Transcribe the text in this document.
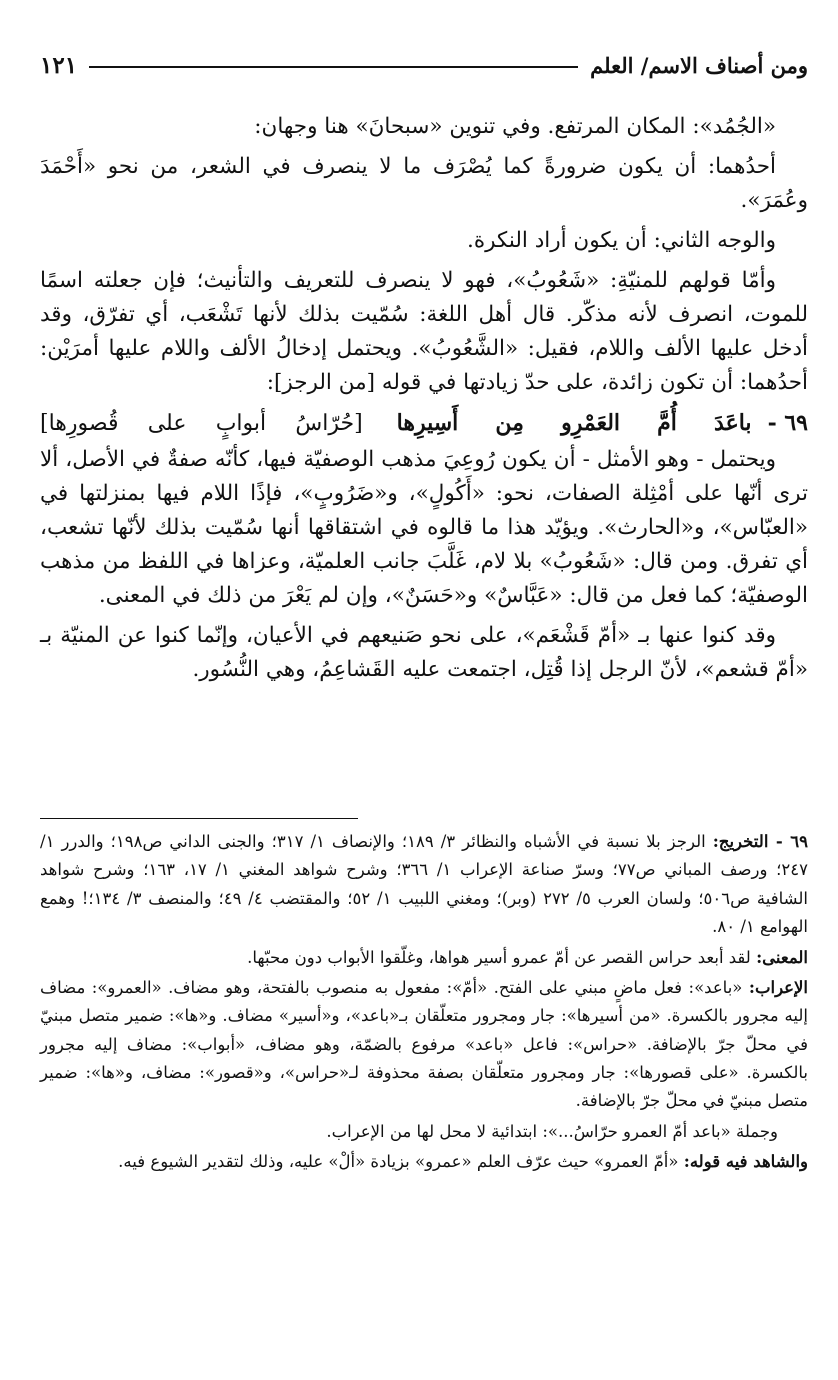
ومن أصناف الاسم/ العلم
١٢١

«الجُمُد»: المكان المرتفع. وفي تنوين «سبحانَ» هنا وجهان:

أحدُهما: أن يكون ضرورةً كما يُصْرَف ما لا ينصرف في الشعر، من نحو «أَحْمَدَ وعُمَرَ».

والوجه الثاني: أن يكون أراد النكرة.

وأمّا قولهم للمنيّةِ: «شَعُوبُ»، فهو لا ينصرف للتعريف والتأنيث؛ فإن جعلته اسمًا للموت، انصرف لأنه مذكّر. قال أهل اللغة: سُمّيت بذلك لأنها تَشْعَب، أي تفرّق، وقد أدخل عليها الألف واللام، فقيل: «الشَّعُوبُ». ويحتمل إدخالُ الألف واللام عليها أمرَيْن: أحدُهما: أن تكون زائدة، على حدّ زيادتها في قوله [من الرجز]:

٦٩ -
باعَدَ أُمَّ العَمْرِو مِن أَسِيرِها
[حُرّاسُ أبوابٍ على قُصورِها]

ويحتمل - وهو الأمثل - أن يكون رُوعِيَ مذهب الوصفيّة فيها، كأنّه صفةٌ في الأصل، ألا ترى أنّها على أمْثِلة الصفات، نحو: «أَكُولٍ»، و«ضَرُوبٍ»، فإذًا اللام فيها بمنزلتها في «العبّاس»، و«الحارث». ويؤيّد هذا ما قالوه في اشتقاقها أنها سُمّيت بذلك لأنّها تشعب، أي تفرق. ومن قال: «شَعُوبُ» بلا لام، غَلَّبَ جانب العلميّة، وعزاها في اللفظ من مذهب الوصفيّة؛ كما فعل من قال: «عَبَّاسٌ» و«حَسَنٌ»، وإن لم يَعْرَ من ذلك في المعنى.

وقد كنوا عنها بـ «أمّ قَشْعَم»، على نحو صَنيعهم في الأعيان، وإنّما كنوا عن المنيّة بـ «أمّ قشعم»، لأنّ الرجل إذا قُتِل، اجتمعت عليه القَشاعِمُ، وهي النُّسُور.

٦٩ - التخريج: الرجز بلا نسبة في الأشباه والنظائر ٣/ ١٨٩؛ والإنصاف ١/ ٣١٧؛ والجنى الداني ص١٩٨؛ والدرر ١/ ٢٤٧؛ ورصف المباني ص٧٧؛ وسرّ صناعة الإعراب ١/ ٣٦٦؛ وشرح شواهد المغني ١/ ١٧، ١٦٣؛ وشرح شواهد الشافية ص٥٠٦؛ ولسان العرب ٥/ ٢٧٢ (وبر)؛ ومغني اللبيب ١/ ٥٢؛ والمقتضب ٤/ ٤٩؛ والمنصف ٣/ ١٣٤؛! وهمع الهوامع ١/ ٨٠.

المعنى: لقد أبعد حراس القصر عن أمّ عمرو أسير هواها، وغلّقوا الأبواب دون محبّها.

الإعراب: «باعد»: فعل ماضٍ مبني على الفتح. «أمّ»: مفعول به منصوب بالفتحة، وهو مضاف. «العمرو»: مضاف إليه مجرور بالكسرة. «من أسيرها»: جار ومجرور متعلّقان بـ«باعد»، و«أسير» مضاف. و«ها»: ضمير متصل مبنيّ في محلّ جرّ بالإضافة. «حراس»: فاعل «باعد» مرفوع بالضمّة، وهو مضاف، «أبواب»: مضاف إليه مجرور بالكسرة. «على قصورها»: جار ومجرور متعلّقان بصفة محذوفة لـ«حراس»، و«قصور»: مضاف، و«ها»: ضمير متصل مبنيّ في محلّ جرّ بالإضافة.

وجملة «باعد أمّ العمرو حرّاسُ...»: ابتدائية لا محل لها من الإعراب.

والشاهد فيه قوله: «أمّ العمرو» حيث عرّف العلم «عمرو» بزيادة «ألْ» عليه، وذلك لتقدير الشيوع فيه.
